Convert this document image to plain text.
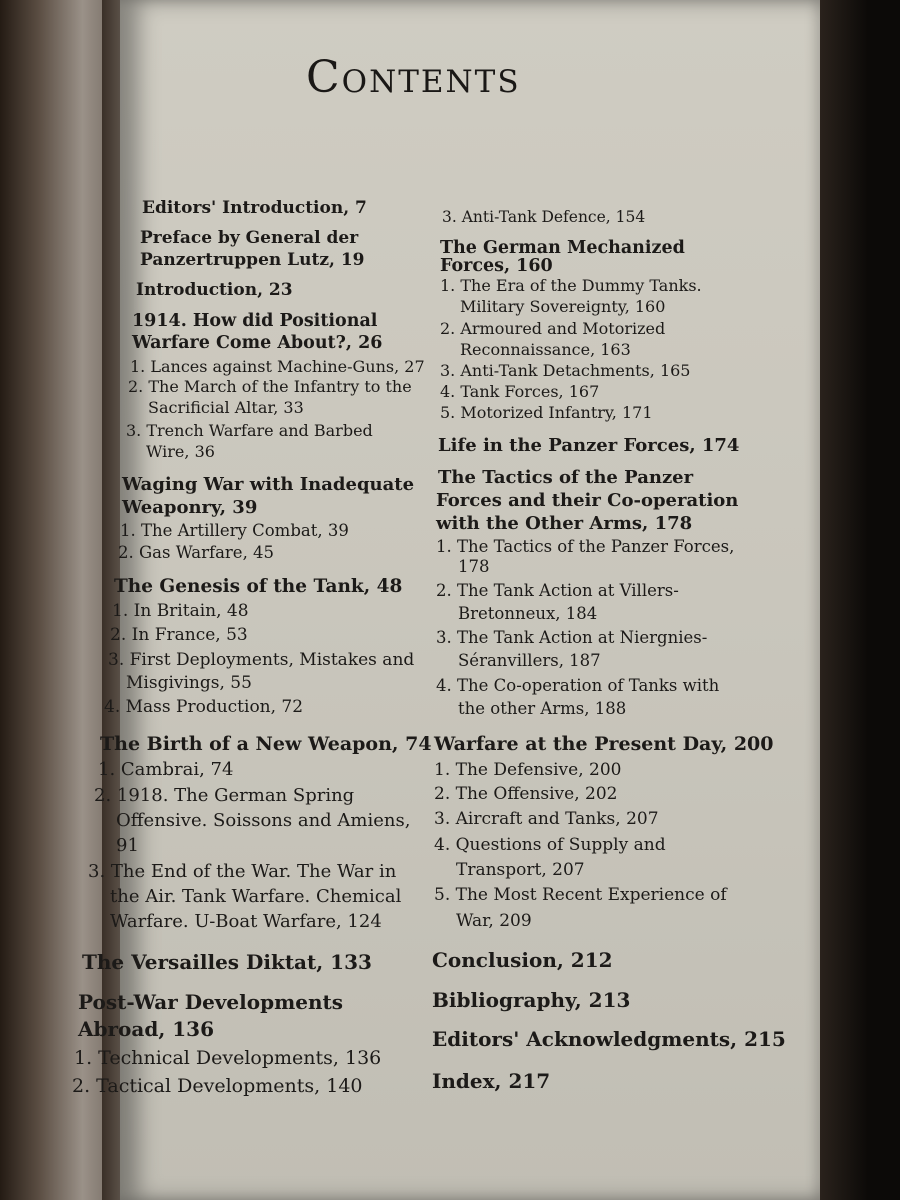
Contents
Editors' Introduction, 7
Preface by General der
Panzertruppen Lutz, 19
Introduction, 23
1914. How did Positional
Warfare Come About?, 26
1. Lances against Machine-Guns, 27
2. The March of the Infantry to the
Sacrificial Altar, 33
3. Trench Warfare and Barbed
Wire, 36
Waging War with Inadequate
Weaponry, 39
1. The Artillery Combat, 39
2. Gas Warfare, 45
The Genesis of the Tank, 48
1. In Britain, 48
2. In France, 53
3. First Deployments, Mistakes and
Misgivings, 55
4. Mass Production, 72
The Birth of a New Weapon, 74
1. Cambrai, 74
2. 1918. The German Spring
Offensive. Soissons and Amiens,
91
3. The End of the War. The War in
the Air. Tank Warfare. Chemical
Warfare. U-Boat Warfare, 124
The Versailles Diktat, 133
Post-War Developments
Abroad, 136
1. Technical Developments, 136
2. Tactical Developments, 140
3. Anti-Tank Defence, 154
The German Mechanized
Forces, 160
1. The Era of the Dummy Tanks.
Military Sovereignty, 160
2. Armoured and Motorized
Reconnaissance, 163
3. Anti-Tank Detachments, 165
4. Tank Forces, 167
5. Motorized Infantry, 171
Life in the Panzer Forces, 174
The Tactics of the Panzer
Forces and their Co-operation
with the Other Arms, 178
1. The Tactics of the Panzer Forces,
178
2. The Tank Action at Villers-
Bretonneux, 184
3. The Tank Action at Niergnies-
Séranvillers, 187
4. The Co-operation of Tanks with
the other Arms, 188
Warfare at the Present Day, 200
1. The Defensive, 200
2. The Offensive, 202
3. Aircraft and Tanks, 207
4. Questions of Supply and
Transport, 207
5. The Most Recent Experience of
War, 209
Conclusion, 212
Bibliography, 213
Editors' Acknowledgments, 215
Index, 217
